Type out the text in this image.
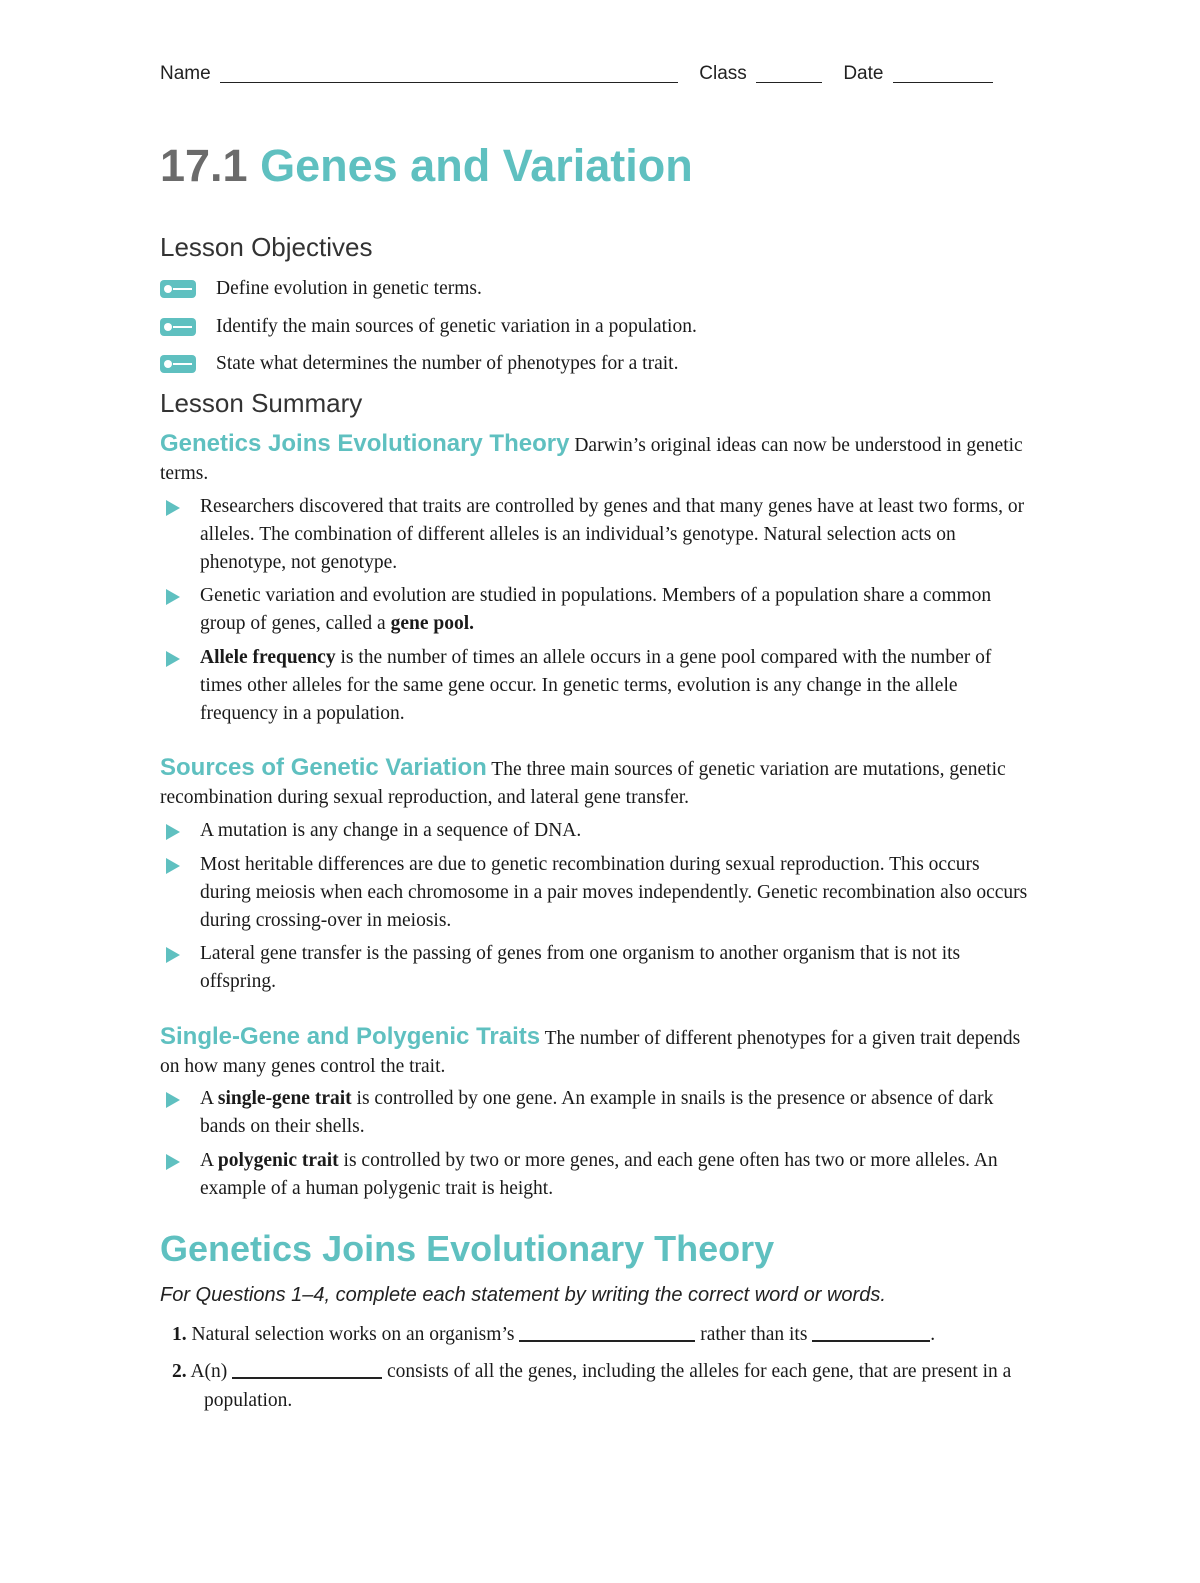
Name	Class	Date
17.1 Genes and Variation
Lesson Objectives
Define evolution in genetic terms.
Identify the main sources of genetic variation in a population.
State what determines the number of phenotypes for a trait.
Lesson Summary
Genetics Joins Evolutionary Theory Darwin’s original ideas can now be understood in genetic terms.
Researchers discovered that traits are controlled by genes and that many genes have at least two forms, or alleles. The combination of different alleles is an individual’s genotype. Natural selection acts on phenotype, not genotype.
Genetic variation and evolution are studied in populations. Members of a population share a common group of genes, called a gene pool.
Allele frequency is the number of times an allele occurs in a gene pool compared with the number of times other alleles for the same gene occur. In genetic terms, evolution is any change in the allele frequency in a population.
Sources of Genetic Variation The three main sources of genetic variation are mutations, genetic recombination during sexual reproduction, and lateral gene transfer.
A mutation is any change in a sequence of DNA.
Most heritable differences are due to genetic recombination during sexual reproduction. This occurs during meiosis when each chromosome in a pair moves independently. Genetic recombination also occurs during crossing-over in meiosis.
Lateral gene transfer is the passing of genes from one organism to another organism that is not its offspring.
Single-Gene and Polygenic Traits The number of different phenotypes for a given trait depends on how many genes control the trait.
A single-gene trait is controlled by one gene. An example in snails is the presence or absence of dark bands on their shells.
A polygenic trait is controlled by two or more genes, and each gene often has two or more alleles. An example of a human polygenic trait is height.
Genetics Joins Evolutionary Theory
For Questions 1–4, complete each statement by writing the correct word or words.
1. Natural selection works on an organism’s	rather than its	.
2. A(n)	consists of all the genes, including the alleles for each gene, that are present in a population.
